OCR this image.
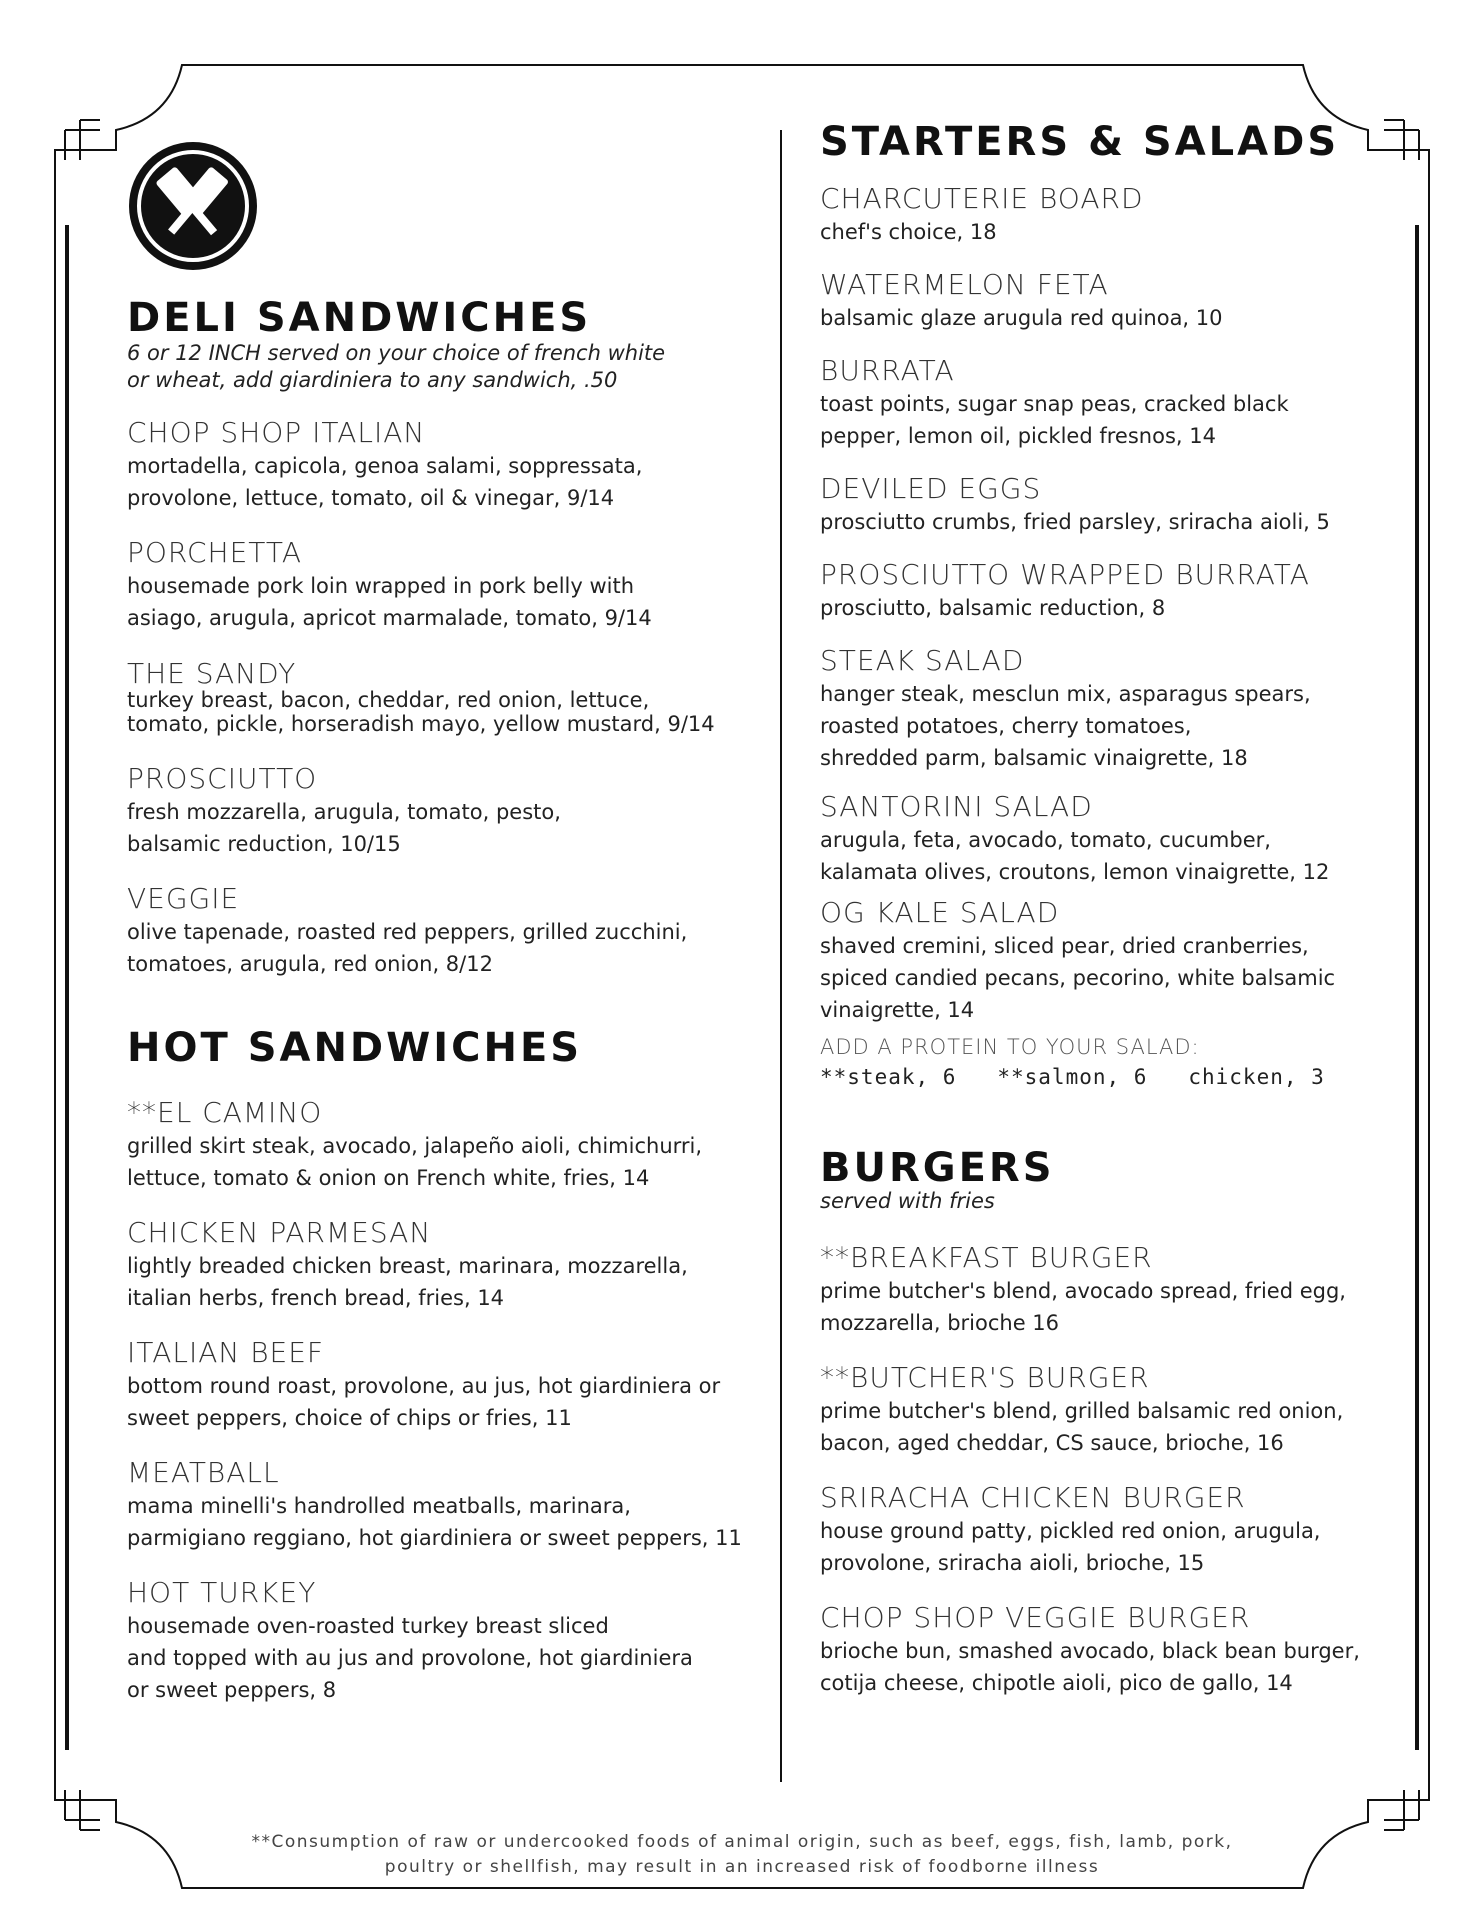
DELI SANDWICHES

6 or 12 INCH served on your choice of french white
or wheat, add giardiniera to any sandwich, .50

CHOP SHOP ITALIAN
mortadella, capicola, genoa salami, soppressata,
provolone, lettuce, tomato, oil & vinegar, 9/14
PORCHETTA
housemade pork loin wrapped in pork belly with
asiago, arugula, apricot marmalade, tomato, 9/14
THE SANDY
turkey breast, bacon, cheddar, red onion, lettuce,
tomato, pickle, horseradish mayo, yellow mustard, 9/14
PROSCIUTTO
fresh mozzarella, arugula, tomato, pesto,
balsamic reduction, 10/15
VEGGIE
olive tapenade, roasted red peppers, grilled zucchini,
tomatoes, arugula, red onion, 8/12
HOT SANDWICHES
**EL CAMINO
grilled skirt steak, avocado, jalapeño aioli, chimichurri,
lettuce, tomato & onion on French white, fries, 14
CHICKEN PARMESAN
lightly breaded chicken breast, marinara, mozzarella,
italian herbs, french bread, fries, 14
ITALIAN BEEF
bottom round roast, provolone, au jus, hot giardiniera or
sweet peppers, choice of chips or fries, 11
MEATBALL
mama minelli's handrolled meatballs, marinara,
parmigiano reggiano, hot giardiniera or sweet peppers, 11
HOT TURKEY
housemade oven-roasted turkey breast sliced
and topped with au jus and provolone, hot giardiniera
or sweet peppers, 8
STARTERS & SALADS
CHARCUTERIE BOARD
chef's choice, 18
WATERMELON FETA
balsamic glaze arugula red quinoa, 10
BURRATA
toast points, sugar snap peas, cracked black
pepper, lemon oil, pickled fresnos, 14
DEVILED EGGS
prosciutto crumbs, fried parsley, sriracha aioli, 5
PROSCIUTTO WRAPPED BURRATA
prosciutto, balsamic reduction, 8
STEAK SALAD
hanger steak, mesclun mix, asparagus spears,
roasted potatoes, cherry tomatoes,
shredded parm, balsamic vinaigrette, 18
SANTORINI SALAD
arugula, feta, avocado, tomato, cucumber,
kalamata olives, croutons, lemon vinaigrette, 12
OG KALE SALAD
shaved cremini, sliced pear, dried cranberries,
spiced candied pecans, pecorino, white balsamic
vinaigrette, 14
ADD A PROTEIN TO YOUR SALAD:
**steak, 6   **salmon, 6   chicken, 3
BURGERS

served with fries

**BREAKFAST BURGER
prime butcher's blend, avocado spread, fried egg,
mozzarella, brioche 16
**BUTCHER'S BURGER
prime butcher's blend, grilled balsamic red onion,
bacon, aged cheddar, CS sauce, brioche, 16
SRIRACHA CHICKEN BURGER
house ground patty, pickled red onion, arugula,
provolone, sriracha aioli, brioche, 15
CHOP SHOP VEGGIE BURGER
brioche bun, smashed avocado, black bean burger,
cotija cheese, chipotle aioli, pico de gallo, 14
**Consumption of raw or undercooked foods of animal origin, such as beef, eggs, fish, lamb, pork,
poultry or shellfish, may result in an increased risk of foodborne illness
